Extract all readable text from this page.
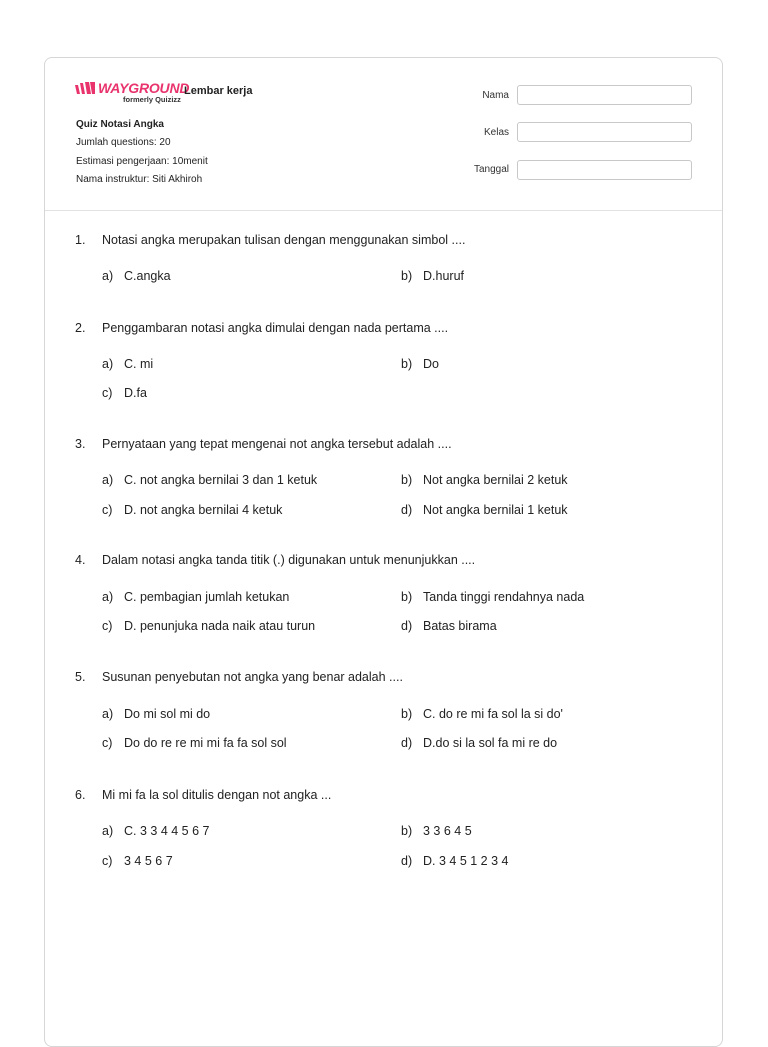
WAYGROUND
formerly Quizizz
Lembar kerja
Quiz Notasi Angka
Jumlah questions: 20
Estimasi pengerjaan: 10menit
Nama instruktur: Siti Akhiroh
Nama
Kelas
Tanggal
1.	Notasi angka merupakan tulisan dengan menggunakan simbol ....
a) C.angka	b) D.huruf
2.	Penggambaran notasi angka dimulai dengan nada pertama ....
a) C. mi	b) Do
c) D.fa
3.	Pernyataan yang tepat mengenai not angka tersebut adalah ....
a) C. not angka bernilai 3 dan 1 ketuk	b) Not angka bernilai 2 ketuk
c) D. not angka bernilai 4 ketuk	d) Not angka bernilai 1 ketuk
4.	Dalam notasi angka tanda titik (.) digunakan untuk menunjukkan ....
a) C. pembagian jumlah ketukan	b) Tanda tinggi rendahnya nada
c) D. penunjuka nada naik atau turun	d) Batas birama
5.	Susunan penyebutan not angka yang benar adalah ....
a) Do mi sol mi do	b) C. do re mi fa sol la si do'
c) Do do re re mi mi fa fa sol sol	d) D.do si la sol fa mi re do
6.	Mi mi fa la sol ditulis dengan not angka ...
a) C. 3 3 4 4 5 6 7	b) 3 3 6 4 5
c) 3 4 5 6 7	d) D. 3 4 5 1 2 3 4
